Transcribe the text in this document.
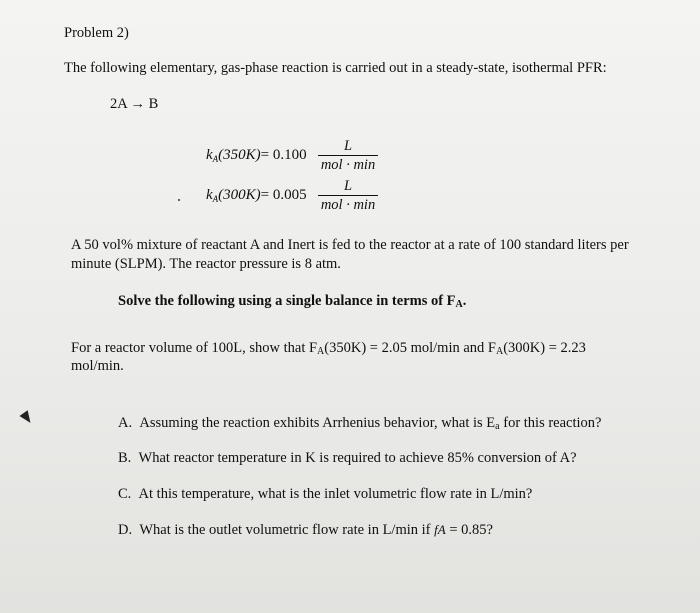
Problem 2)
The following elementary, gas-phase reaction is carried out in a steady-state, isothermal PFR:
2A → B
$k_A(350K)= 0.100$
L
mol · min
$k_A(300K)= 0.005$
L
mol · min
A 50 vol% mixture of reactant A and Inert is fed to the reactor at a rate of 100 standard liters per
minute (SLPM). The reactor pressure is 8 atm.
Solve the following using a single balance in terms of FA.
For a reactor volume of 100L, show that FA(350K) = 2.05 mol/min and FA(300K) = 2.23
mol/min.
A. Assuming the reaction exhibits Arrhenius behavior, what is Ea for this reaction?
B. What reactor temperature in K is required to achieve 85% conversion of A?
C. At this temperature, what is the inlet volumetric flow rate in L/min?
D. What is the outlet volumetric flow rate in L/min if fA = 0.85?
